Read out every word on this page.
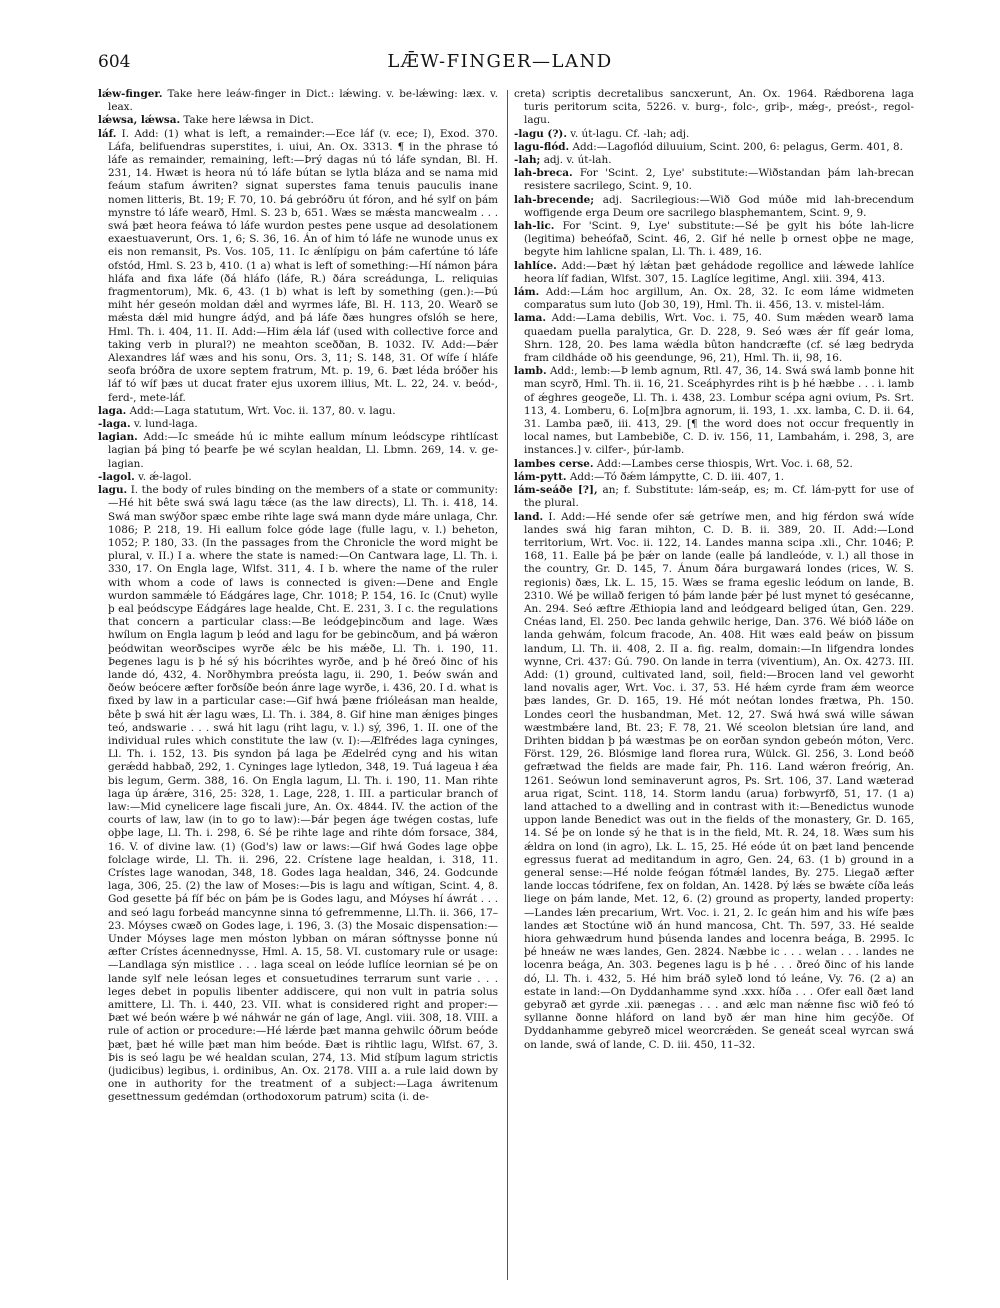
604	LǢW-FINGER—LAND
lǽw-finger. Take here leáw-finger in Dict.: lǽwing. v. be-lǽwing: læx. v. leax.
lǽwsa, lǽwsa. Take here lǽwsa in Dict.
láf. I. Add: (1) what is left, a remainder:—Ece láf (v. ece; I), Exod. 370. Láfa, belifuendras superstites, i. uiui, An. Ox. 3313. ¶ in the phrase tó láfe as remainder, remaining, left:—Þrý dagas nú tó láfe syndan, Bl. H. 231, 14. Hwæt is heora nú tó láfe bútan se lytla bláza and se nama mid feáum stafum áwriten? signat superstes fama tenuis pauculis inane nomen litteris, Bt. 19; F. 70, 10. Þá gebróðru út fóron, and hé sylf on þám mynstre tó láfe wearð, Hml. S. 23 b, 651. Wæs se mǽsta mancwealm . . . swá þæt heora feáwa tó láfe wurdon pestes pene usque ad desolationem exaestuaverunt, Ors. 1, 6; S. 36, 16. Án of him tó láfe ne wunode unus ex eis non remansit, Ps. Vos. 105, 11. Ic ǽnlípigu on þám cafertúne tó láfe ofstód, Hml. S. 23 b, 410. (1 a) what is left of something:—Hí námon þára hláfa and fixa láfe (ðá hláfo (láfe, R.) ðára screádunga, L. reliquias fragmentorum), Mk. 6, 43. (1 b) what is left by something (gen.):—Þú miht hér geseón moldan dǽl and wyrmes láfe, Bl. H. 113, 20. Wearð se mǽsta dǽl mid hungre ádýd, and þá láfe ðæs hungres ofslóh se here, Hml. Th. i. 404, 11. II. Add:—Him ǽla láf (used with collective force and taking verb in plural?) ne meahton sceððan, B. 1032. IV. Add:—Þǽr Alexandres láf wæs and his sonu, Ors. 3, 11; S. 148, 31. Of wífe í hláfe seofa bróðra de uxore septem fratrum, Mt. p. 19, 6. Þæt léda bróðer his láf tó wíf þæs ut ducat frater ejus uxorem illius, Mt. L. 22, 24. v. beód-, ferd-, mete-láf.
laga. Add:—Laga statutum, Wrt. Voc. ii. 137, 80. v. lagu.
-laga. v. lund-laga.
lagian. Add:—Ic smeáde hú ic mihte eallum mínum leódscype rihtlícast lagian þá þing tó þearfe þe wé scylan healdan, Ll. Lbmn. 269, 14. v. ge-lagian.
-lagol. v. ǽ-lagol.
lagu. I. the body of rules binding on the members of a state or community:—Hé hit bête swá swá lagu tǽce (as the law directs), Ll. Th. i. 418, 14. Swá man swýðor spæc embe rihte lage swá mann dyde máre unlaga, Chr. 1086; P. 218, 19. Hi eallum folce góde lage (fulle lagu, v. l.) beheton, 1052; P. 180, 33. (In the passages from the Chronicle the word might be plural, v. II.) I a. where the state is named:—On Cantwara lage, Ll. Th. i. 330, 17. On Engla lage, Wlfst. 311, 4. I b. where the name of the ruler with whom a code of laws is connected is given:—Dene and Engle wurdon sammǽle tó Eádgáres lage, Chr. 1018; P. 154, 16. Ic (Cnut) wylle þ eal þeódscype Eádgáres lage healde, Cht. E. 231, 3. I c. the regulations that concern a particular class:—Be leódgeþincðum and lage. Wæs hwílum on Engla lagum þ leód and lagu for be gebincðum, and þá wǽron þeódwitan weorðscipes wyrðe ǽlc be his mǽðe, Ll. Th. i. 190, 11. Þegenes lagu is þ hé sý his bócrihtes wyrðe, and þ hé ðreó ðinc of his lande dó, 432, 4. Norðhymbra preósta lagu, ii. 290, 1. Þeów swán and ðeów beócere æfter forðsíðe beón ánre lage wyrðe, i. 436, 20. I d. what is fixed by law in a particular case:—Gif hwá þæne frióleásan man healde, bête þ swá hit ǽr lagu wæs, Ll. Th. i. 384, 8. Gif hine man ǽniges þinges teó, andswarie . . . swá hit lagu (riht lagu, v. l.) sý, 396, 1. II. one of the individual rules which constitute the law (v. I):—Ælfrédes laga cyninges, Ll. Th. i. 152, 13. Þis syndon þá laga þe Ædelréd cyng and his witan gerǽdd habbað, 292, 1. Cyninges lage lytledon, 348, 19. Tuá lageua ł ǽa bis legum, Germ. 388, 16. On Engla lagum, Ll. Th. i. 190, 11. Man rihte laga úp árǽre, 316, 25: 328, 1. Lage, 228, 1. III. a particular branch of law:—Mid cynelicere lage fiscali jure, An. Ox. 4844. IV. the action of the courts of law, law (in to go to law):—Þár þegen áge twégen costas, lufe oþþe lage, Ll. Th. i. 298, 6. Sé þe rihte lage and rihte dóm forsace, 384, 16. V. of divine law. (1) (God's) law or laws:—Gif hwá Godes lage oþþe folclage wirde, Ll. Th. ii. 296, 22. Crístene lage healdan, i. 318, 11. Crístes lage wanodan, 348, 18. Godes laga healdan, 346, 24. Godcunde laga, 306, 25. (2) the law of Moses:—Þis is lagu and wítigan, Scint. 4, 8. God gesette þá fíf béc on þám þe is Godes lagu, and Móyses hí áwrát . . . and seó lagu forbeád mancynne sinna tó gefremmenne, Ll.Th. ii. 366, 17–23. Móyses cwæð on Godes lage, i. 196, 3. (3) the Mosaic dispensation:—Under Móyses lage men móston lybban on máran sóftnysse þonne nú æfter Crístes ácennednysse, Hml. A. 15, 58. VI. customary rule or usage:—Landlaga sýn mistlice . . . laga sceal on leóde luflíce leornian sé þe on lande sylf nele leósan leges et consuetudines terrarum sunt varie . . . leges debet in populis libenter addiscere, qui non vult in patria solus amittere, Ll. Th. i. 440, 23. VII. what is considered right and proper:—Þæt wé beón wǽre þ wé náhwár ne gán of lage, Angl. viii. 308, 18. VIII. a rule of action or procedure:—Hé lǽrde þæt manna gehwilc óðrum beóde þæt, þæt hé wille þæt man him beóde. Ðæt is rihtlic lagu, Wlfst. 67, 3. Þis is seó lagu þe wé healdan sculan, 274, 13. Mid stíþum lagum strictis (judicibus) legibus, i. ordinibus, An. Ox. 2178. VIII a. a rule laid down by one in authority for the treatment of a subject:—Laga áwritenum gesettnessum gedémdan (orthodoxorum patrum) scita (i. de-
creta) scriptis decretalibus sancxerunt, An. Ox. 1964. Rǽdborena laga turis peritorum scita, 5226. v. burg-, folc-, griþ-, mǽg-, preóst-, regol-lagu.
-lagu (?). v. út-lagu. Cf. -lah; adj.
lagu-flód. Add:—Lagoflód diluuium, Scint. 200, 6: pelagus, Germ. 401, 8.
-lah; adj. v. út-lah.
lah-breca. For 'Scint. 2, Lye' substitute:—Wiðstandan þám lah-brecan resistere sacrilego, Scint. 9, 10.
lah-brecende; adj. Sacrilegious:—Wið God múðe mid lah-brecendum woffigende erga Deum ore sacrilego blasphemantem, Scint. 9, 9.
lah-lic. For 'Scint. 9, Lye' substitute:—Sé þe gylt his bóte lah-licre (legitima) beheófað, Scint. 46, 2. Gif hé nelle þ ornest oþþe ne mage, begyte him lahlicne spalan, Ll. Th. i. 489, 16.
lahlíce. Add:—Þæt hý lǽtan þæt gehádode regollice and lǽwede lahlíce heora líf fadian, Wlfst. 307, 15. Laglíce legitime, Angl. xiii. 394, 413.
lám. Add:—Lám hoc argillum, An. Ox. 28, 32. Ic eom láme widmeten comparatus sum luto (Job 30, 19), Hml. Th. ii. 456, 13. v. mistel-lám.
lama. Add:—Lama debilis, Wrt. Voc. i. 75, 40. Sum mǽden wearð lama quaedam puella paralytica, Gr. D. 228, 9. Seó wæs ǽr fíf geár loma, Shrn. 128, 20. Þes lama wǽdla bûton handcræfte (cf. sé læg bedryda fram cildháde oð his geendunge, 96, 21), Hml. Th. ii, 98, 16.
lamb. Add:, lemb:—Þ lemb agnum, Rtl. 47, 36, 14. Swá swá lamb þonne hit man scyrð, Hml. Th. ii. 16, 21. Sceáphyrdes riht is þ hé hæbbe . . . i. lamb of ǽghres geogeðe, Ll. Th. i. 438, 23. Lombur scépa agni ovium, Ps. Srt. 113, 4. Lomberu, 6. Lo[m]bra agnorum, ii. 193, 1. .xx. lamba, C. D. ii. 64, 31. Lamba pæð, iii. 413, 29. [¶ the word does not occur frequently in local names, but Lambebiðe, C. D. iv. 156, 11, Lambahám, i. 298, 3, are instances.] v. cilfer-, þúr-lamb.
lambes cerse. Add:—Lambes cerse thiospis, Wrt. Voc. i. 68, 52.
lám-pytt. Add:—Tó ðǽm lámpytte, C. D. iii. 407, 1.
lám-seáðe [?], an; f. Substitute: lám-seáp, es; m. Cf. lám-pytt for use of the plural.
land. I. Add:—Hé sende ofer sǽ getríwe men, and hig férdon swá wíde landes swá hig faran mihton, C. D. B. ii. 389, 20. II. Add:—Lond territorium, Wrt. Voc. ii. 122, 14. Landes manna scipa .xli., Chr. 1046; P. 168, 11. Ealle þá þe þǽr on lande (ealle þá landleóde, v. l.) all those in the country, Gr. D. 145, 7. Ánum ðára burgawará londes (rices, W. S. regionis) ðæs, Lk. L. 15, 15. Wæs se frama egeslic leódum on lande, B. 2310. Wé þe willað ferigen tó þám lande þǽr þé lust mynet tó gesécanne, An. 294. Seó æftre Æthiopia land and leódgeard beliged útan, Gen. 229. Cnéas land, El. 250. Þec landa gehwilc herige, Dan. 376. Wé bióð láðe on landa gehwám, folcum fracode, An. 408. Hit wæs eald þeáw on þissum landum, Ll. Th. ii. 408, 2. II a. fig. realm, domain:—In lifgendra londes wynne, Cri. 437: Gú. 790. On lande in terra (viventium), An. Ox. 4273. III. Add: (1) ground, cultivated land, soil, field:—Brocen land vel geworht land novalis ager, Wrt. Voc. i. 37, 53. Hé hǽm cyrde fram ǽm weorce þæs landes, Gr. D. 165, 19. Hé mót neótan londes frætwa, Ph. 150. Londes ceorl the husbandman, Met. 12, 27. Swá hwá swá wille sáwan wæstmbǽre land, Bt. 23; F. 78, 21. Wé sceolon bletsian úre land, and Drihten biddan þ þá wæstmas þe on eorðan syndon gebeón móton, Verc. Först. 129, 26. Blósmige land florea rura, Wülck. Gl. 256, 3. Lond beóð gefrætwad the fields are made fair, Ph. 116. Land wǽron freórig, An. 1261. Seówun lond seminaverunt agros, Ps. Srt. 106, 37. Land wæterad arua rigat, Scint. 118, 14. Storm landu (arua) forbwyrfð, 51, 17. (1 a) land attached to a dwelling and in contrast with it:—Benedictus wunode uppon lande Benedict was out in the fields of the monastery, Gr. D. 165, 14. Sé þe on londe sý he that is in the field, Mt. R. 24, 18. Wæs sum his ǽldra on lond (in agro), Lk. L. 15, 25. Hé eóde út on þæt land þencende egressus fuerat ad meditandum in agro, Gen. 24, 63. (1 b) ground in a general sense:—Hé nolde feógan fótmǽl landes, By. 275. Liegað æfter lande loccas tódrifene, fex on foldan, An. 1428. Þý lǽs se bwǽte cíða leás liege on þám lande, Met. 12, 6. (2) ground as property, landed property:—Landes lǽn precarium, Wrt. Voc. i. 21, 2. Ic geán him and his wífe þæs landes æt Stoctúne wið án hund mancosa, Cht. Th. 597, 33. Hé sealde hiora gehwædrum hund þúsenda landes and locenra beága, B. 2995. Ic þé hneáw ne wæs landes, Gen. 2824. Næbbe ic . . . welan . . . landes ne locenra beága, An. 303. Þegenes lagu is þ hé . . . ðreó ðinc of his lande dó, Ll. Th. i. 432, 5. Hé him bráð syleð lond tó leáne, Vy. 76. (2 a) an estate in land:—On Dyddanhamme synd .xxx. híða . . . Ofer eall ðæt land gebyrað æt gyrde .xii. pænegas . . . and ælc man nǽnne fisc wið feó tó syllanne ðonne hláford on land byð ǽr man hine him gecýðe. Of Dyddanhamme gebyreð micel weorcrǽden. Se geneát sceal wyrcan swá on lande, swá of lande, C. D. iii. 450, 11–32.
